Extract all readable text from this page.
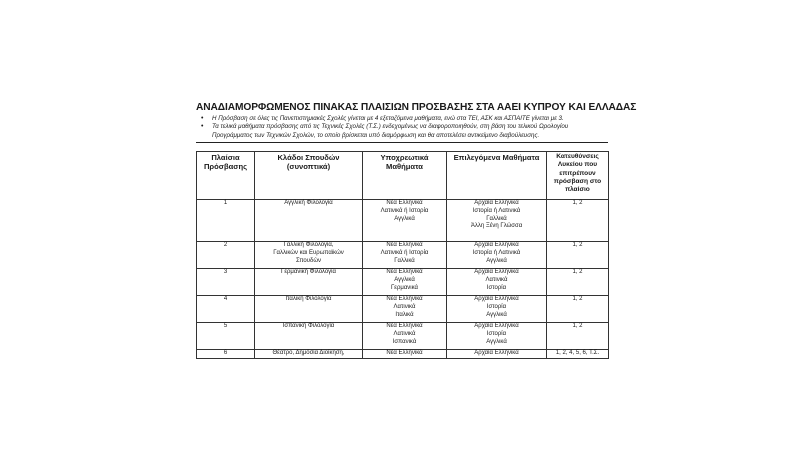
ΑΝΑΔΙΑΜΟΡΦΩΜΕΝΟΣ ΠΙΝΑΚΑΣ ΠΛΑΙΣΙΩΝ ΠΡΟΣΒΑΣΗΣ ΣΤΑ ΑΑΕΙ ΚΥΠΡΟΥ ΚΑΙ ΕΛΛΑΔΑΣ
• Η Πρόσβαση σε όλες τις Πανεπιστημιακές Σχολές γίνεται με 4 εξεταζόμενα μαθήματα, ενώ στα ΤΕΙ, ΑΣΚ και ΑΣΠΑΙΤΕ γίνεται με 3.
• Τα τελικά μαθήματα πρόσβασης από τις Τεχνικές Σχολές (Τ.Σ.) ενδεχομένως να διαφοροποιηθούν, στη βάση του τελικού Ωρολογίου Προγράμματος των Τεχνικών Σχολών, το οποίο βρίσκεται υπό διαμόρφωση και θα αποτελέσει αντικείμενο διαβούλευσης.
Πλαίσια Πρόσβασης	Κλάδοι Σπουδών (συνοπτικά)	Υποχρεωτικά Μαθήματα	Επιλεγόμενα Μαθήματα	Κατευθύνσεις Λυκείου που επιτρέπουν πρόσβαση στο πλαίσιο
1	Αγγλική Φιλολογία	Νέα Ελληνικά
Λατινικά ή Ιστορία
Αγγλικά	Αρχαία Ελληνικά
Ιστορία ή Λατινικά
Γαλλικά
Άλλη Ξένη Γλώσσα	1, 2
2	Γαλλική Φιλολογία,
Γαλλικών και Ευρωπαϊκών
Σπουδών	Νέα Ελληνικά
Λατινικά ή Ιστορία
Γαλλικά	Αρχαία Ελληνικά
Ιστορία ή Λατινικά
Αγγλικά	1, 2
3	Γερμανική Φιλολογία	Νέα Ελληνικά
Αγγλικά
Γερμανικά	Αρχαία Ελληνικά
Λατινικά
Ιστορία	1, 2
4	Ιταλική Φιλολογία	Νέα Ελληνικά
Λατινικά
Ιταλικά	Αρχαία Ελληνικά
Ιστορία
Αγγλικά	1, 2
5	Ισπανική Φιλολογία	Νέα Ελληνικά
Λατινικά
Ισπανικά	Αρχαία Ελληνικά
Ιστορία
Αγγλικά	1, 2
6	Θέατρο, Δημόσια Διοίκηση,	Νέα Ελληνικά	Αρχαία Ελληνικά	1, 2, 4, 5, 6, Τ.Σ.
